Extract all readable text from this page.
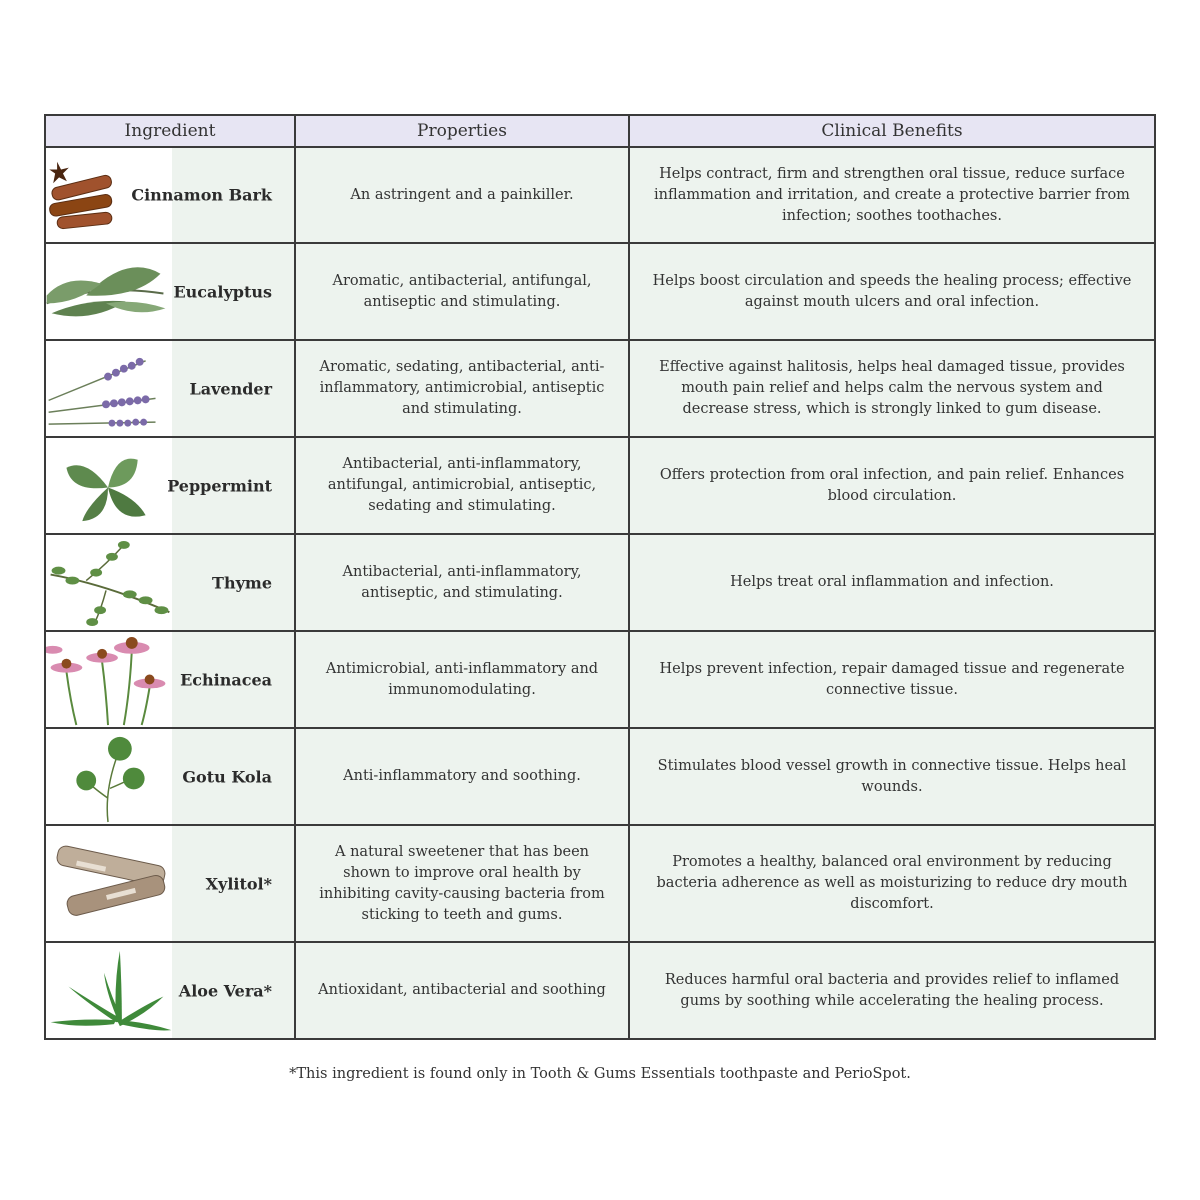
Ingredient	Properties	Clinical Benefits

Cinnamon Bark	An astringent and a painkiller.	Helps contract, firm and strengthen oral tissue, reduce surface inflammation and irritation, and create a protective barrier from infection; soothes toothaches.

Eucalyptus	Aromatic, antibacterial, antifungal, antiseptic and stimulating.	Helps boost circulation and speeds the healing process; effective against mouth ulcers and oral infection.

Lavender	Aromatic, sedating, antibacterial, anti-inflammatory, antimicrobial, antiseptic and stimulating.	Effective against halitosis, helps heal damaged tissue, provides mouth pain relief and helps calm the nervous system and decrease stress, which is strongly linked to gum disease.

Peppermint	Antibacterial, anti-inflammatory, antifungal, antimicrobial, antiseptic, sedating and stimulating.	Offers protection from oral infection, and pain relief. Enhances blood circulation.

Thyme	Antibacterial, anti-inflammatory, antiseptic, and stimulating.	Helps treat oral inflammation and infection.

Echinacea	Antimicrobial, anti-inflammatory and immunomodulating.	Helps prevent infection, repair damaged tissue and regenerate connective tissue.

Gotu Kola	Anti-inflammatory and soothing.	Stimulates blood vessel growth in connective tissue. Helps heal wounds.

Xylitol*	A natural sweetener that has been shown to improve oral health by inhibiting cavity-causing bacteria from sticking to teeth and gums.	Promotes a healthy, balanced oral environment by reducing bacteria adherence as well as moisturizing to reduce dry mouth discomfort.

Aloe Vera*	Antioxidant, antibacterial and soothing	Reduces harmful oral bacteria and provides relief to inflamed gums by soothing while accelerating the healing process.
*This ingredient is found only in Tooth & Gums Essentials toothpaste and PerioSpot.
